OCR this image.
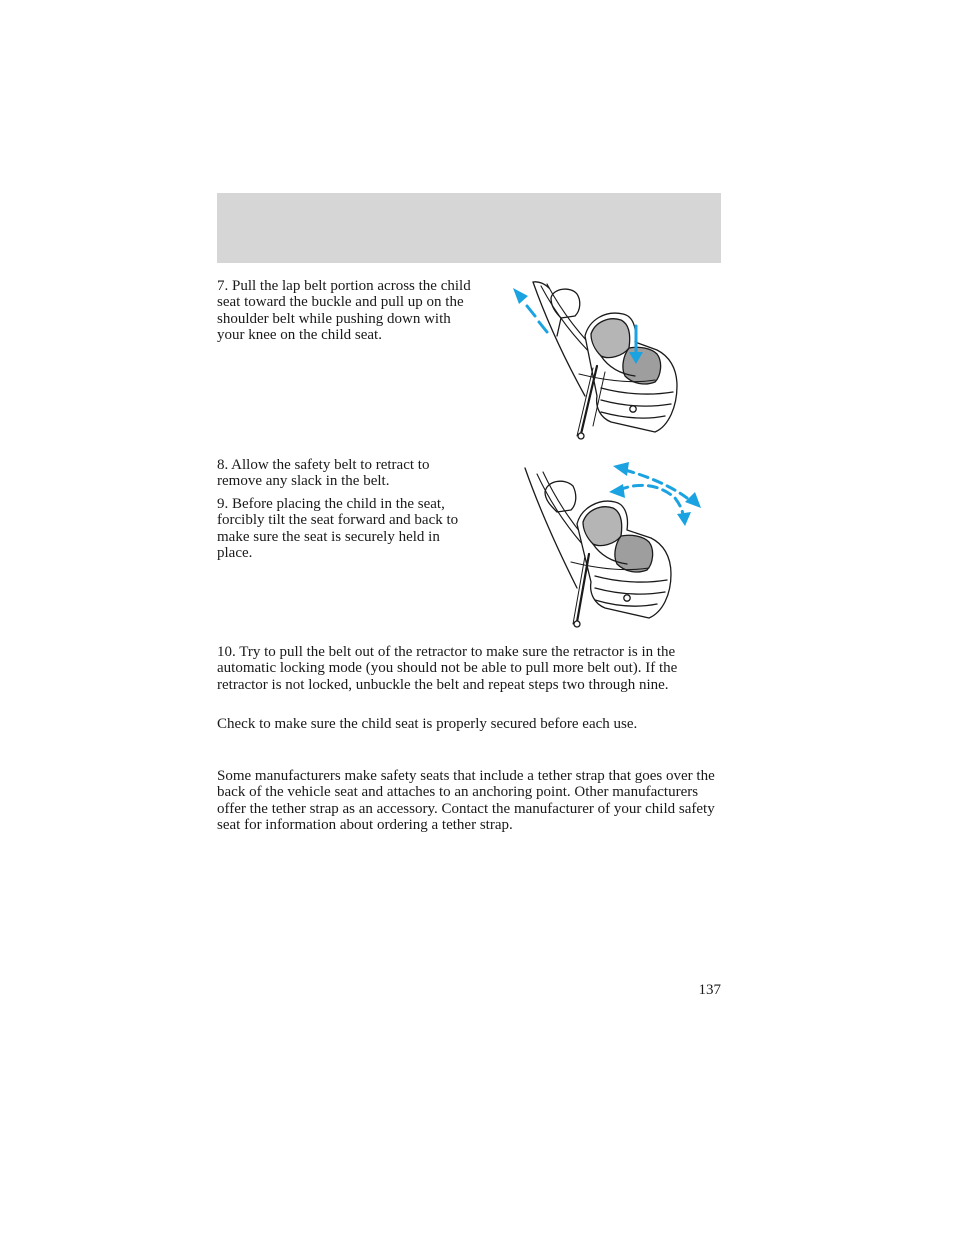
7. Pull the lap belt portion across the child seat toward the buckle and pull up on the shoulder belt while pushing down with your knee on the child seat.

8. Allow the safety belt to retract to remove any slack in the belt.

9. Before placing the child in the seat, forcibly tilt the seat forward and back to make sure the seat is securely held in place.

10. Try to pull the belt out of the retractor to make sure the retractor is in the automatic locking mode (you should not be able to pull more belt out). If the retractor is not locked, unbuckle the belt and repeat steps two through nine.

Check to make sure the child seat is properly secured before each use.

Some manufacturers make safety seats that include a tether strap that goes over the back of the vehicle seat and attaches to an anchoring point. Other manufacturers offer the tether strap as an accessory. Contact the manufacturer of your child safety seat for information about ordering a tether strap.

137
